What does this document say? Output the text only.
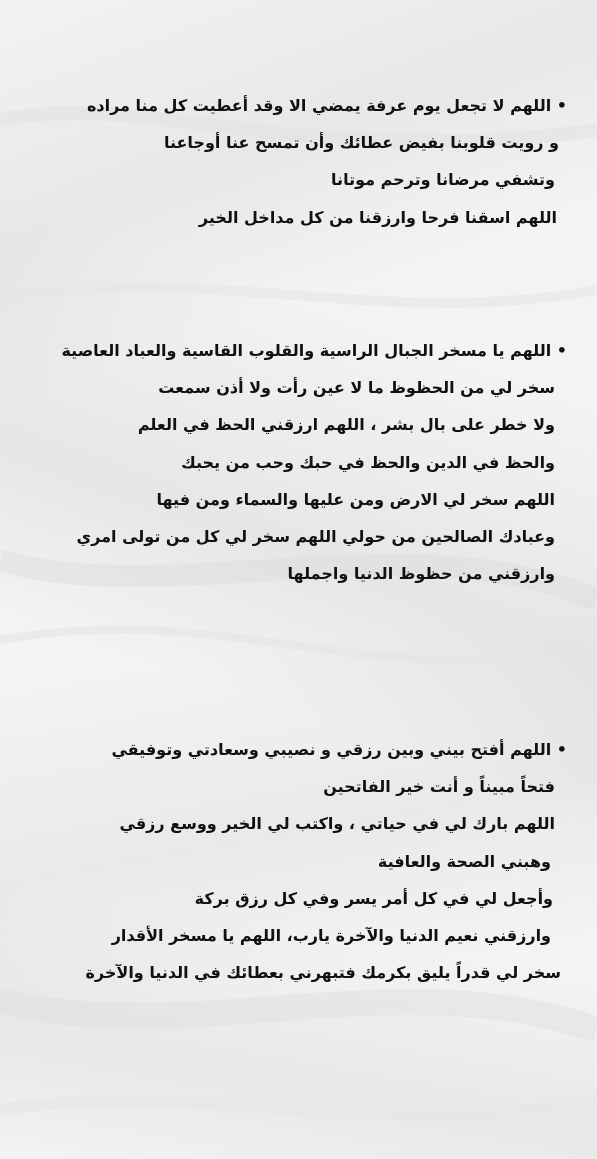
• اللهم لا تجعل يوم عرفة يمضي الا وقد أعطيت كل منا مراده
و رويت قلوبنا بفيض عطائك وأن تمسح عنا أوجاعنا
وتشفي مرضانا وترحم موتانا
اللهم اسقنا فرحا وارزقنا من كل مداخل الخير
• اللهم يا مسخر الجبال الراسية والقلوب القاسية والعباد العاصية
سخر لي من الحظوظ ما لا عين رأت ولا أذن سمعت
ولا خطر على بال بشر ، اللهم ارزقني الحظ في العلم
والحظ في الدين والحظ في حبك وحب من يحبك
اللهم سخر لي الارض ومن عليها والسماء ومن فيها
وعبادك الصالحين من حولي اللهم سخر لي كل من تولى امري
وارزقني من حظوظ الدنيا واجملها
• اللهم أفتح بيني وبين رزقي و نصيبي وسعادتي وتوفيقي
فتحاً مبيناً و أنت خير الفاتحين
اللهم بارك لي في حياتي ، واكتب لي الخير ووسع رزقي
وهبني الصحة والعافية
وأجعل لي في كل أمر يسر وفي كل رزق بركة
وارزقني نعيم الدنيا والآخرة يارب، اللهم يا مسخر الأقدار
سخر لي قدراً يليق بكرمك فتبهرني بعطائك في الدنيا والآخرة
